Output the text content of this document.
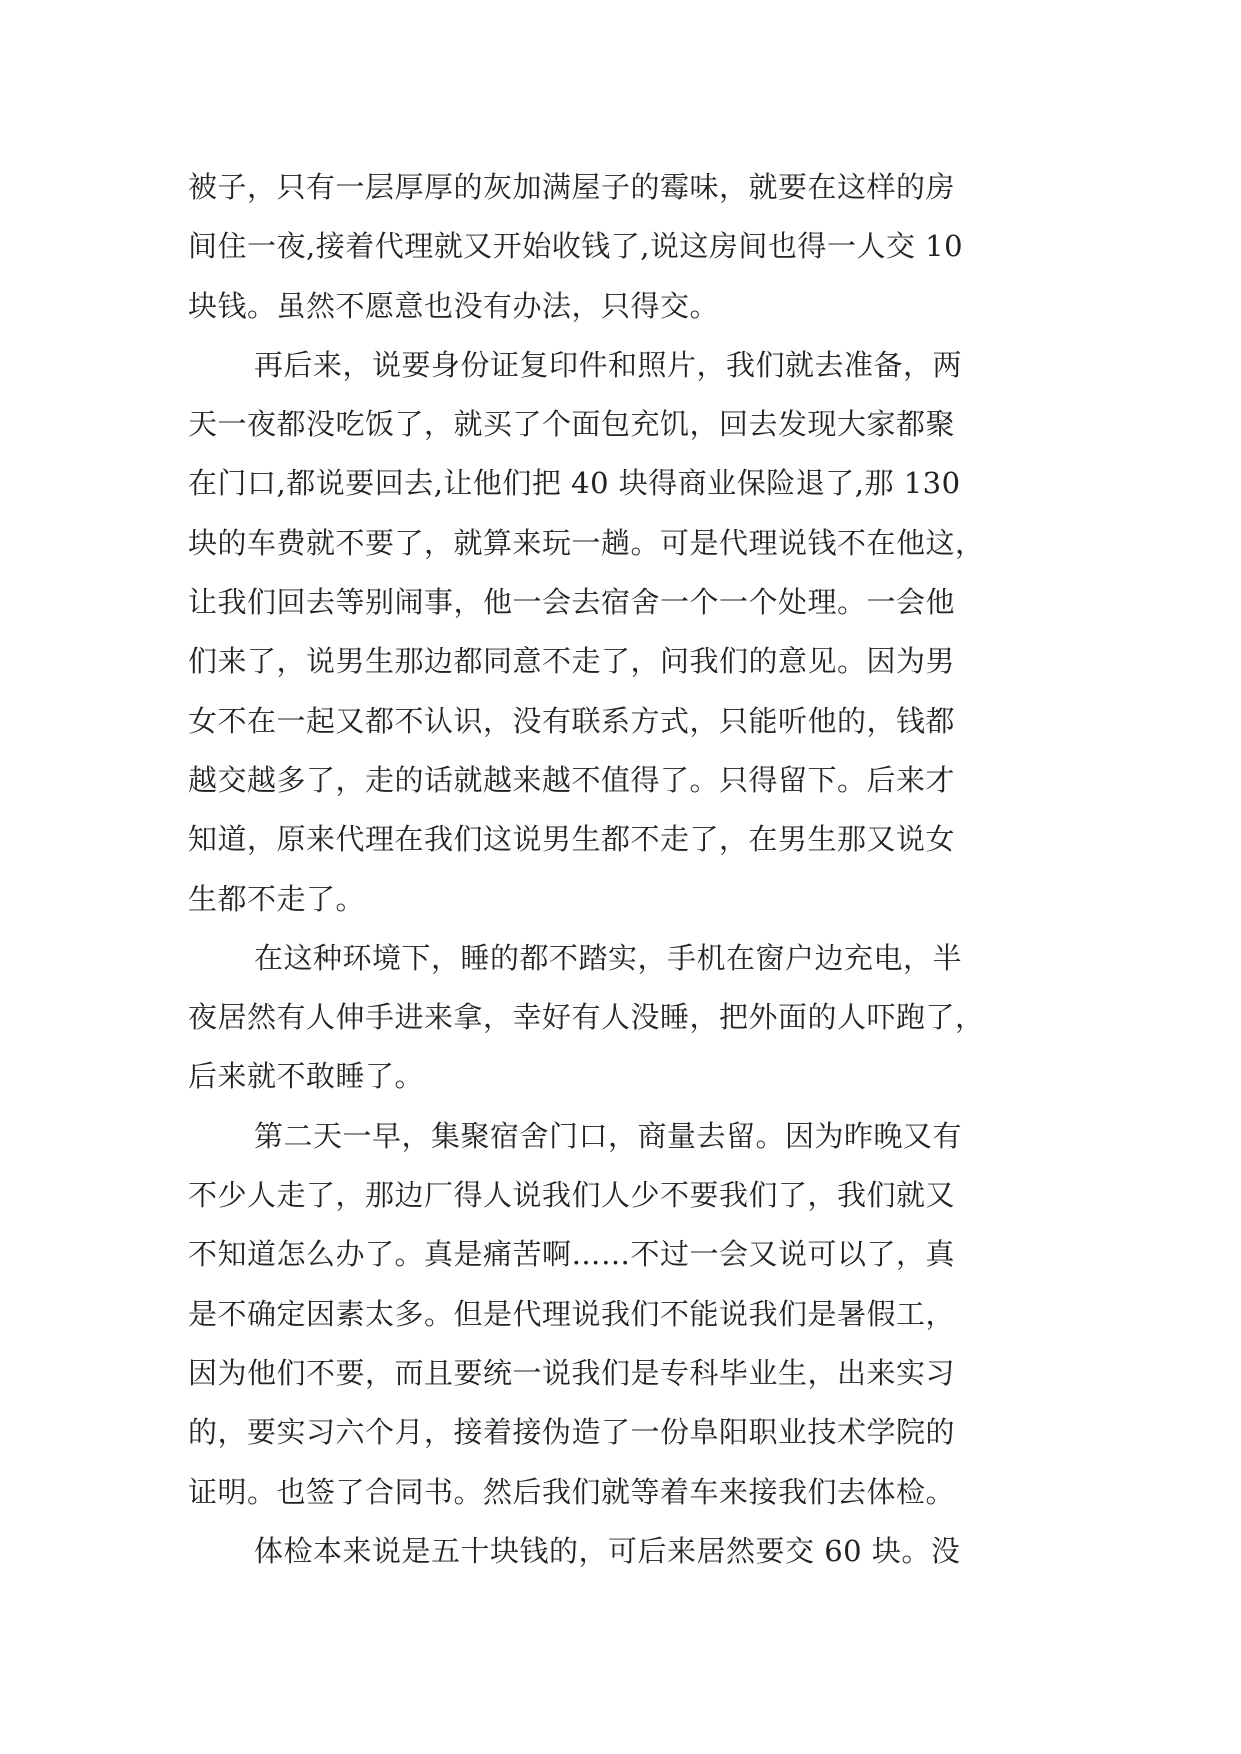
被子，只有一层厚厚的灰加满屋子的霉味，就要在这样的房
间住一夜,接着代理就又开始收钱了,说这房间也得一人交 10
块钱。虽然不愿意也没有办法，只得交。
再后来，说要身份证复印件和照片，我们就去准备，两
天一夜都没吃饭了，就买了个面包充饥，回去发现大家都聚
在门口,都说要回去,让他们把 40 块得商业保险退了,那 130
块的车费就不要了，就算来玩一趟。可是代理说钱不在他这，
让我们回去等别闹事，他一会去宿舍一个一个处理。一会他
们来了，说男生那边都同意不走了，问我们的意见。因为男
女不在一起又都不认识，没有联系方式，只能听他的，钱都
越交越多了，走的话就越来越不值得了。只得留下。后来才
知道，原来代理在我们这说男生都不走了，在男生那又说女
生都不走了。
在这种环境下，睡的都不踏实，手机在窗户边充电，半
夜居然有人伸手进来拿，幸好有人没睡，把外面的人吓跑了，
后来就不敢睡了。
第二天一早，集聚宿舍门口，商量去留。因为昨晚又有
不少人走了，那边厂得人说我们人少不要我们了，我们就又
不知道怎么办了。真是痛苦啊……不过一会又说可以了，真
是不确定因素太多。但是代理说我们不能说我们是暑假工，
因为他们不要，而且要统一说我们是专科毕业生，出来实习
的，要实习六个月，接着接伪造了一份阜阳职业技术学院的
证明。也签了合同书。然后我们就等着车来接我们去体检。
体检本来说是五十块钱的，可后来居然要交 60 块。没
